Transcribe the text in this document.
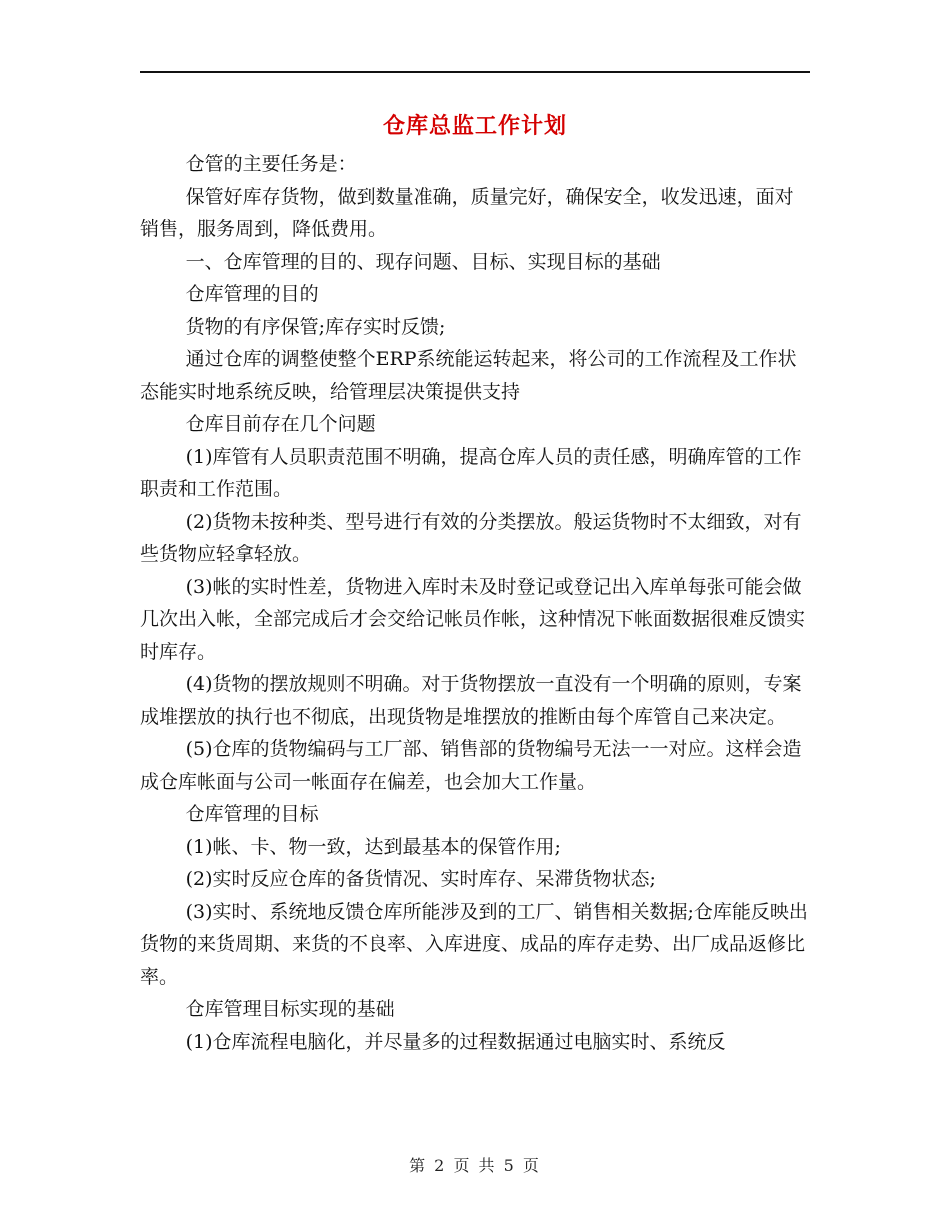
仓库总监工作计划

仓管的主要任务是：

保管好库存货物，做到数量准确，质量完好，确保安全，收发迅速，面对销售，服务周到，降低费用。

一、仓库管理的目的、现存问题、目标、实现目标的基础

仓库管理的目的

货物的有序保管;库存实时反馈;

通过仓库的调整使整个ERP系统能运转起来，将公司的工作流程及工作状态能实时地系统反映，给管理层决策提供支持

仓库目前存在几个问题

(1)库管有人员职责范围不明确，提高仓库人员的责任感，明确库管的工作职责和工作范围。

(2)货物未按种类、型号进行有效的分类摆放。般运货物时不太细致，对有些货物应轻拿轻放。

(3)帐的实时性差，货物进入库时未及时登记或登记出入库单每张可能会做几次出入帐，全部完成后才会交给记帐员作帐，这种情况下帐面数据很难反馈实时库存。

(4)货物的摆放规则不明确。对于货物摆放一直没有一个明确的原则，专案成堆摆放的执行也不彻底，出现货物是堆摆放的推断由每个库管自己来决定。

(5)仓库的货物编码与工厂部、销售部的货物编号无法一一对应。这样会造成仓库帐面与公司一帐面存在偏差，也会加大工作量。

仓库管理的目标

(1)帐、卡、物一致，达到最基本的保管作用;

(2)实时反应仓库的备货情况、实时库存、呆滞货物状态;

(3)实时、系统地反馈仓库所能涉及到的工厂、销售相关数据;仓库能反映出货物的来货周期、来货的不良率、入库进度、成品的库存走势、出厂成品返修比率。

仓库管理目标实现的基础

(1)仓库流程电脑化，并尽量多的过程数据通过电脑实时、系统反

第 2 页 共 5 页
